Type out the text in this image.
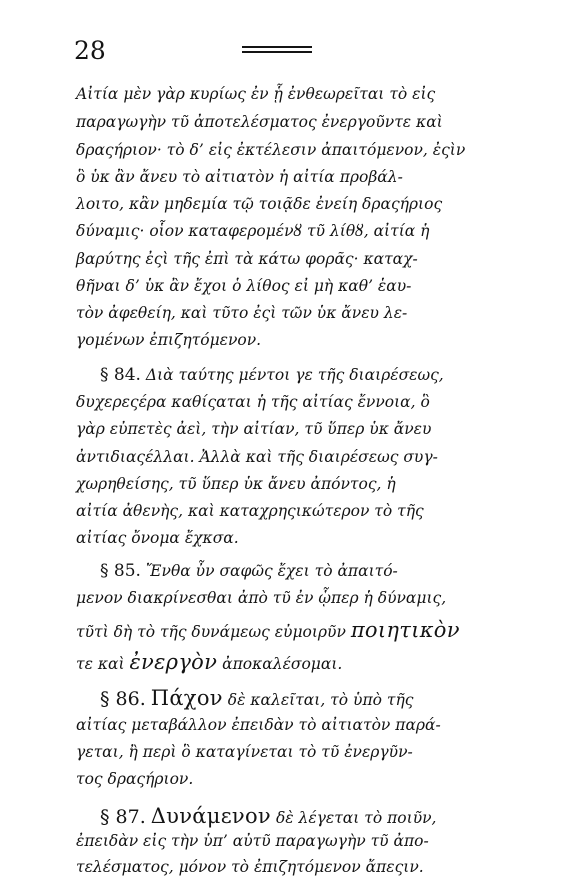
28
Αἰτία μὲν γὰρ κυρίως ἐν ᾗ ἐνθεωρεῖται τὸ εἰς
παραγωγὴν τῦ ἀποτελέσματος ἐνεργοῦντε καὶ
δραςήριον· τὸ δ’ εἰς ἐκτέλεσιν ἀπαιτόμενον, ἐςὶν
ὃ ὑκ ἂν ἄνευ τὸ αἰτιατὸν ἡ αἰτία προβάλ-
λοιτο, κἂν μηδεμία τῷ τοιᾷδε ἐνείη δραςήριος
δύναμις· οἷον καταφερομένȣ τῦ λίθȣ, αἰτία ἡ
βαρύτης ἐςὶ τῆς ἐπὶ τὰ κάτω φορᾶς· καταχ-
θῆναι δ’ ὑκ ἂν ἔχοι ὁ λίθος εἰ μὴ καθ’ ἑαυ-
τὸν ἀφεθείη, καὶ τῦτο ἐςὶ τῶν ὑκ ἄνευ λε-
γομένων ἐπιζητόμενον.
§ 84. Διὰ ταύτης μέντοι γε τῆς διαιρέσεως,
δυχερεςέρα καθίςαται ἡ τῆς αἰτίας ἔννοια, ὃ
γὰρ εὐπετὲς ἀεὶ, τὴν αἰτίαν, τῦ ὕπερ ὑκ ἄνευ
ἀντιδιαςέλλαι. Ἀλλὰ καὶ τῆς διαιρέσεως συγ-
χωρηθείσης, τῦ ὕπερ ὑκ ἄνευ ἀπόντος, ἡ
αἰτία ἀθενὴς, καὶ καταχρηςικώτερον τὸ τῆς
αἰτίας ὄνομα ἔχκσα.
§ 85. Ἔνθα ὖν σαφῶς ἔχει τὸ ἀπαιτό-
μενον διακρίνεσθαι ἀπὸ τῦ ἐν ᾧπερ ἡ δύναμις,
τῦτὶ δὴ τὸ τῆς δυνάμεως εὐμοιρῦν ποιητικὸν
τε καὶ ἐνεργὸν ἀποκαλέσομαι.
§ 86. Πάχον δὲ καλεῖται, τὸ ὑπὸ τῆς
αἰτίας μεταβάλλον ἐπειδὰν τὸ αἰτιατὸν παρά-
γεται, ἢ περὶ ὃ καταγίνεται τὸ τῦ ἐνεργῦν-
τος δραςήριον.
§ 87. Δυνάμενον δὲ λέγεται τὸ ποιῦν,
ἐπειδὰν εἰς τὴν ὑπ’ αὐτῦ παραγωγὴν τῦ ἀπο-
τελέσματος, μόνον τὸ ἐπιζητόμενον ἄπεςιν.
